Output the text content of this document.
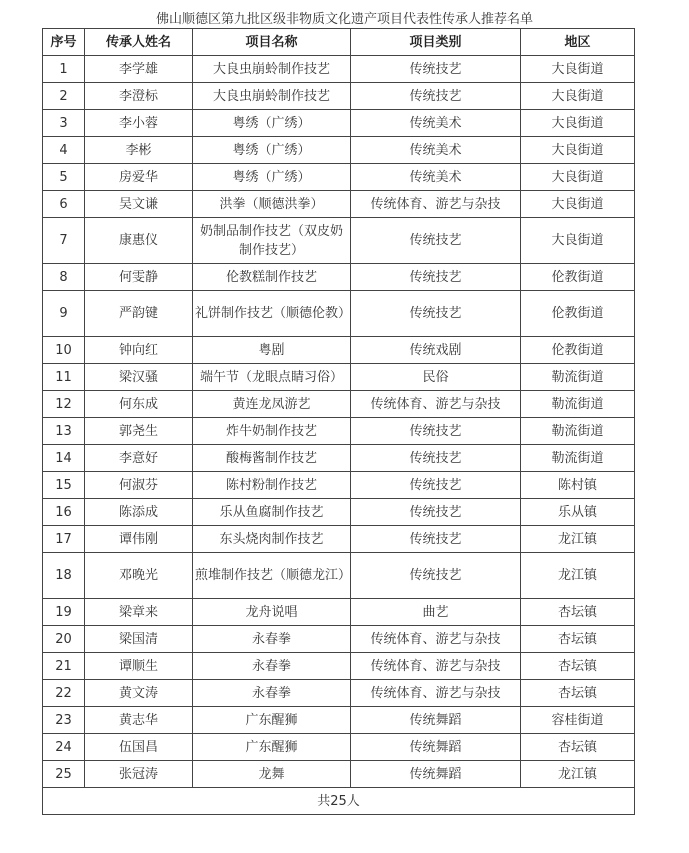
佛山顺德区第九批区级非物质文化遗产项目代表性传承人推荐名单
序号	传承人姓名	项目名称	项目类别	地区
1	李学雄	大良虫崩蛉制作技艺	传统技艺	大良街道
2	李澄标	大良虫崩蛉制作技艺	传统技艺	大良街道
3	李小蓉	粤绣（广绣）	传统美术	大良街道
4	李彬	粤绣（广绣）	传统美术	大良街道
5	房爱华	粤绣（广绣）	传统美术	大良街道
6	吴文谦	洪拳（顺德洪拳）	传统体育、游艺与杂技	大良街道
7	康惠仪	奶制品制作技艺（双皮奶制作技艺）	传统技艺	大良街道
8	何雯静	伦教糕制作技艺	传统技艺	伦教街道
9	严韵键	礼饼制作技艺（顺德伦教）	传统技艺	伦教街道
10	钟向红	粤剧	传统戏剧	伦教街道
11	梁汉骚	端午节（龙眼点睛习俗）	民俗	勒流街道
12	何东成	黄连龙凤游艺	传统体育、游艺与杂技	勒流街道
13	郭尧生	炸牛奶制作技艺	传统技艺	勒流街道
14	李意好	酸梅酱制作技艺	传统技艺	勒流街道
15	何淑芬	陈村粉制作技艺	传统技艺	陈村镇
16	陈添成	乐从鱼腐制作技艺	传统技艺	乐从镇
17	谭伟刚	东头烧肉制作技艺	传统技艺	龙江镇
18	邓晚光	煎堆制作技艺（顺德龙江）	传统技艺	龙江镇
19	梁章来	龙舟说唱	曲艺	杏坛镇
20	梁国清	永春拳	传统体育、游艺与杂技	杏坛镇
21	谭顺生	永春拳	传统体育、游艺与杂技	杏坛镇
22	黄文涛	永春拳	传统体育、游艺与杂技	杏坛镇
23	黄志华	广东醒狮	传统舞蹈	容桂街道
24	伍国昌	广东醒狮	传统舞蹈	杏坛镇
25	张冠涛	龙舞	传统舞蹈	龙江镇
共25人				
